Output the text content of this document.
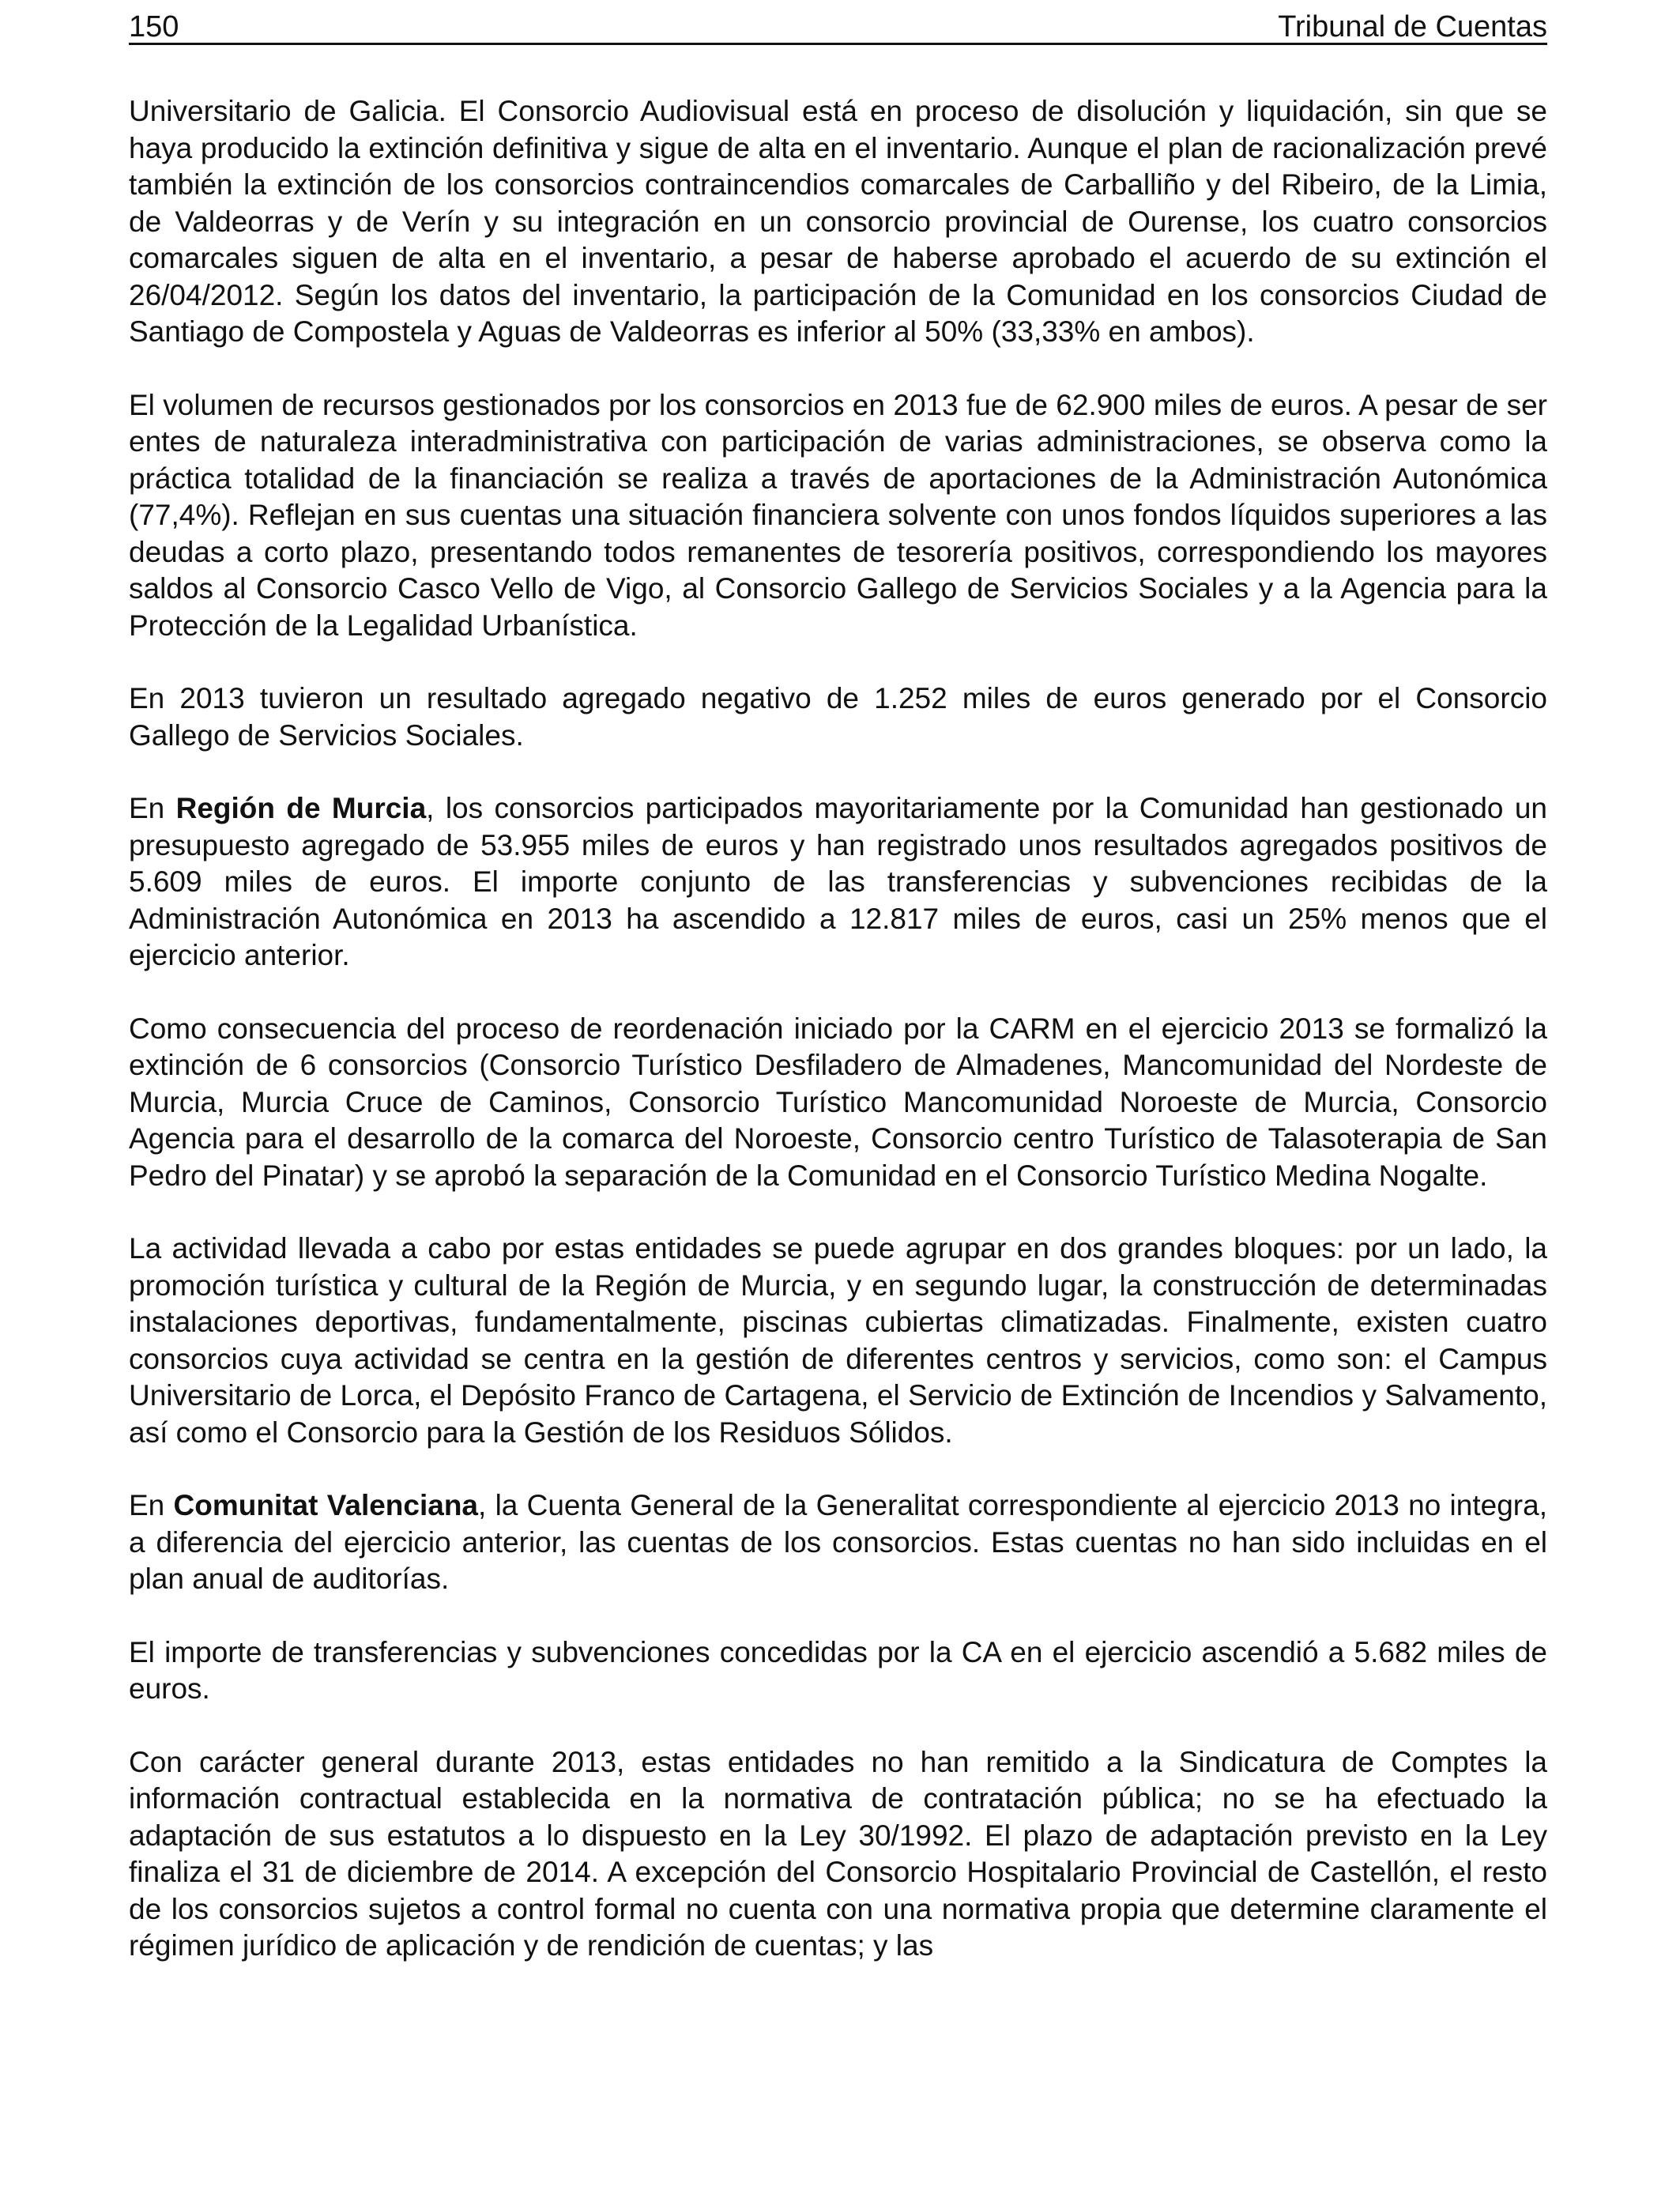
150	Tribunal de Cuentas

Universitario de Galicia. El Consorcio Audiovisual está en proceso de disolución y liquidación, sin que se haya producido la extinción definitiva y sigue de alta en el inventario. Aunque el plan de racionalización prevé también la extinción de los consorcios contraincendios comarcales de Carballiño y del Ribeiro, de la Limia, de Valdeorras y de Verín y su integración en un consorcio provincial de Ourense, los cuatro consorcios comarcales siguen de alta en el inventario, a pesar de haberse aprobado el acuerdo de su extinción el 26/04/2012. Según los datos del inventario, la participación de la Comunidad en los consorcios Ciudad de Santiago de Compostela y Aguas de Valdeorras es inferior al 50% (33,33% en ambos).

El volumen de recursos gestionados por los consorcios en 2013 fue de 62.900 miles de euros. A pesar de ser entes de naturaleza interadministrativa con participación de varias administraciones, se observa como la práctica totalidad de la financiación se realiza a través de aportaciones de la Administración Autonómica (77,4%). Reflejan en sus cuentas una situación financiera solvente con unos fondos líquidos superiores a las deudas a corto plazo, presentando todos remanentes de tesorería positivos, correspondiendo los mayores saldos al Consorcio Casco Vello de Vigo, al Consorcio Gallego de Servicios Sociales y a la Agencia para la Protección de la Legalidad Urbanística.

En 2013 tuvieron un resultado agregado negativo de 1.252 miles de euros generado por el Consorcio Gallego de Servicios Sociales.

En Región de Murcia, los consorcios participados mayoritariamente por la Comunidad han gestionado un presupuesto agregado de 53.955 miles de euros y han registrado unos resultados agregados positivos de 5.609 miles de euros. El importe conjunto de las transferencias y subvenciones recibidas de la Administración Autonómica en 2013 ha ascendido a 12.817 miles de euros, casi un 25% menos que el ejercicio anterior.

Como consecuencia del proceso de reordenación iniciado por la CARM en el ejercicio 2013 se formalizó la extinción de 6 consorcios (Consorcio Turístico Desfiladero de Almadenes, Mancomunidad del Nordeste de Murcia, Murcia Cruce de Caminos, Consorcio Turístico Mancomunidad Noroeste de Murcia, Consorcio Agencia para el desarrollo de la comarca del Noroeste, Consorcio centro Turístico de Talasoterapia de San Pedro del Pinatar) y se aprobó la separación de la Comunidad en el Consorcio Turístico Medina Nogalte.

La actividad llevada a cabo por estas entidades se puede agrupar en dos grandes bloques: por un lado, la promoción turística y cultural de la Región de Murcia, y en segundo lugar, la construcción de determinadas instalaciones deportivas, fundamentalmente, piscinas cubiertas climatizadas. Finalmente, existen cuatro consorcios cuya actividad se centra en la gestión de diferentes centros y servicios, como son: el Campus Universitario de Lorca, el Depósito Franco de Cartagena, el Servicio de Extinción de Incendios y Salvamento, así como el Consorcio para la Gestión de los Residuos Sólidos.

En Comunitat Valenciana, la Cuenta General de la Generalitat correspondiente al ejercicio 2013 no integra, a diferencia del ejercicio anterior, las cuentas de los consorcios. Estas cuentas no han sido incluidas en el plan anual de auditorías.

El importe de transferencias y subvenciones concedidas por la CA en el ejercicio ascendió a 5.682 miles de euros.

Con carácter general durante 2013, estas entidades no han remitido a la Sindicatura de Comptes la información contractual establecida en la normativa de contratación pública; no se ha efectuado la adaptación de sus estatutos a lo dispuesto en la Ley 30/1992. El plazo de adaptación previsto en la Ley finaliza el 31 de diciembre de 2014. A excepción del Consorcio Hospitalario Provincial de Castellón, el resto de los consorcios sujetos a control formal no cuenta con una normativa propia que determine claramente el régimen jurídico de aplicación y de rendición de cuentas; y las
